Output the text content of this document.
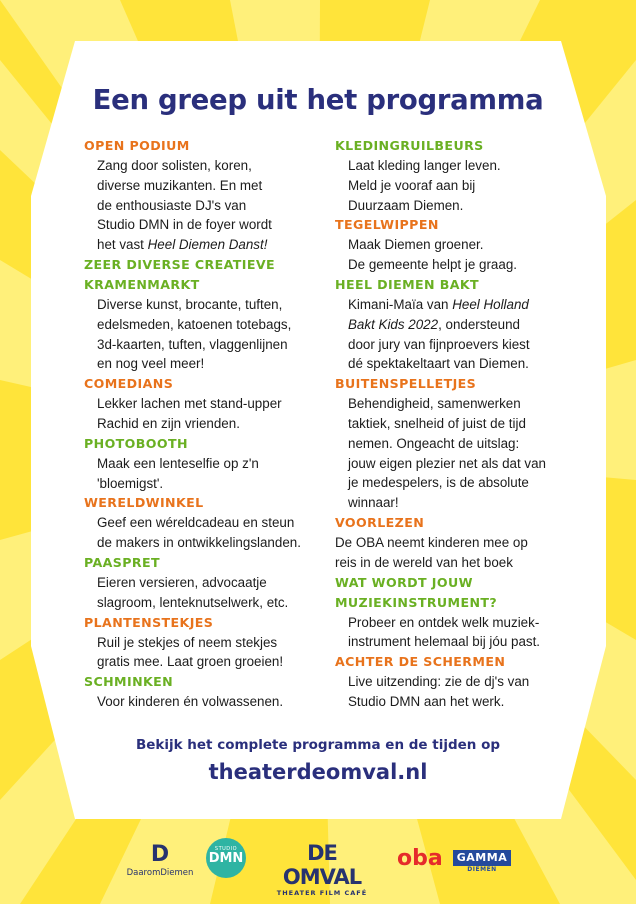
Een greep uit het programma
OPEN PODIUM
Zang door solisten, koren,
diverse muzikanten. En met
de enthousiaste DJ's van
Studio DMN in de foyer wordt
het vast Heel Diemen Danst!
ZEER DIVERSE CREATIEVE
KRAMENMARKT
Diverse kunst, brocante, tuften,
edelsmeden, katoenen totebags,
3d-kaarten, tuften, vlaggenlijnen
en nog veel meer!
COMEDIANS
Lekker lachen met stand-upper
Rachid en zijn vrienden.
PHOTOBOOTH
Maak een lenteselfie op z'n
'bloemigst'.
WERELDWINKEL
Geef een wéreldcadeau en steun
de makers in ontwikkelingslanden.
PAASPRET
Eieren versieren, advocaatje
slagroom, lenteknutselwerk, etc.
PLANTENSTEKJES
Ruil je stekjes of neem stekjes
gratis mee. Laat groen groeien!
SCHMINKEN
Voor kinderen én volwassenen.
KLEDINGRUILBEURS
Laat kleding langer leven.
Meld je vooraf aan bij
Duurzaam Diemen.
TEGELWIPPEN
Maak Diemen groener.
De gemeente helpt je graag.
HEEL DIEMEN BAKT
Kimani-Maïa van Heel Holland
Bakt Kids 2022, ondersteund
door jury van fijnproevers kiest
dé spektakeltaart van Diemen.
BUITENSPELLETJES
Behendigheid, samenwerken
taktiek, snelheid of juist de tijd
nemen. Ongeacht de uitslag:
jouw eigen plezier net als dat van
je medespelers, is de absolute
winnaar!
VOORLEZEN
De OBA neemt kinderen mee op
reis in de wereld van het boek
WAT WORDT JOUW
MUZIEKINSTRUMENT?
Probeer en ontdek welk muziek-
instrument helemaal bij jóu past.
ACHTER DE SCHERMEN
Live uitzending: zie de dj's van
Studio DMN aan het werk.
Bekijk het complete programma en de tijden op
theaterdeomval.nl
D
DaaromDiemen
STUDIO
DMN	DE OMVAL
THEATER FILM CAFÉ
oba	GAMMA
DIEMEN
